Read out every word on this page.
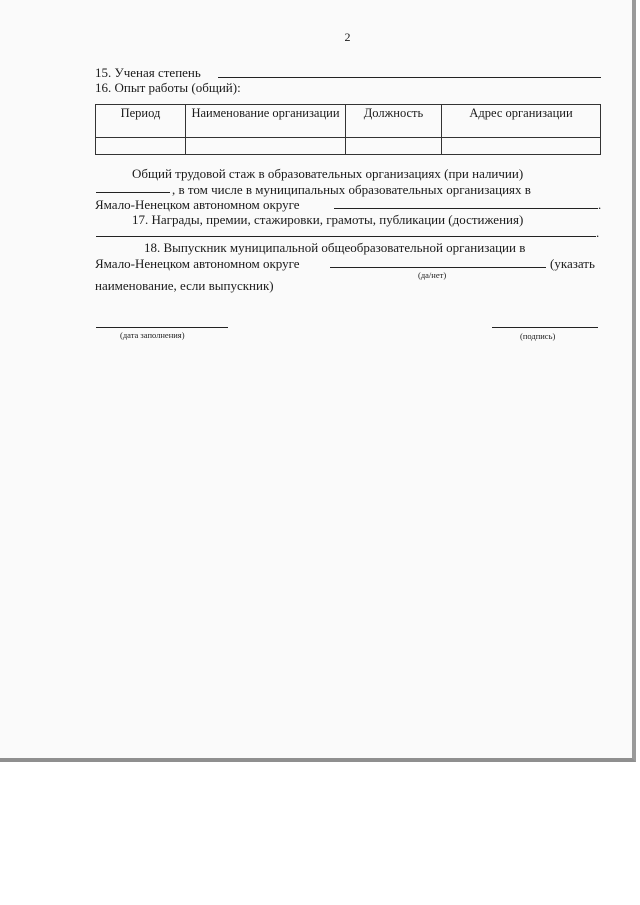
2
15. Ученая степень
16. Опыт работы (общий):
Период	Наименование организации	Должность	Адрес организации

Общий трудовой стаж в образовательных организациях (при наличии)
, в том числе в муниципальных образовательных организациях в
Ямало-Ненецком автономном округе	.
17. Награды, премии, стажировки, грамоты, публикации (достижения)
.
18. Выпускник муниципальной общеобразовательной организации в
Ямало-Ненецком автономном округе	(указать
(да/нет)
наименование, если выпускник)
(дата заполнения)	(подпись)
